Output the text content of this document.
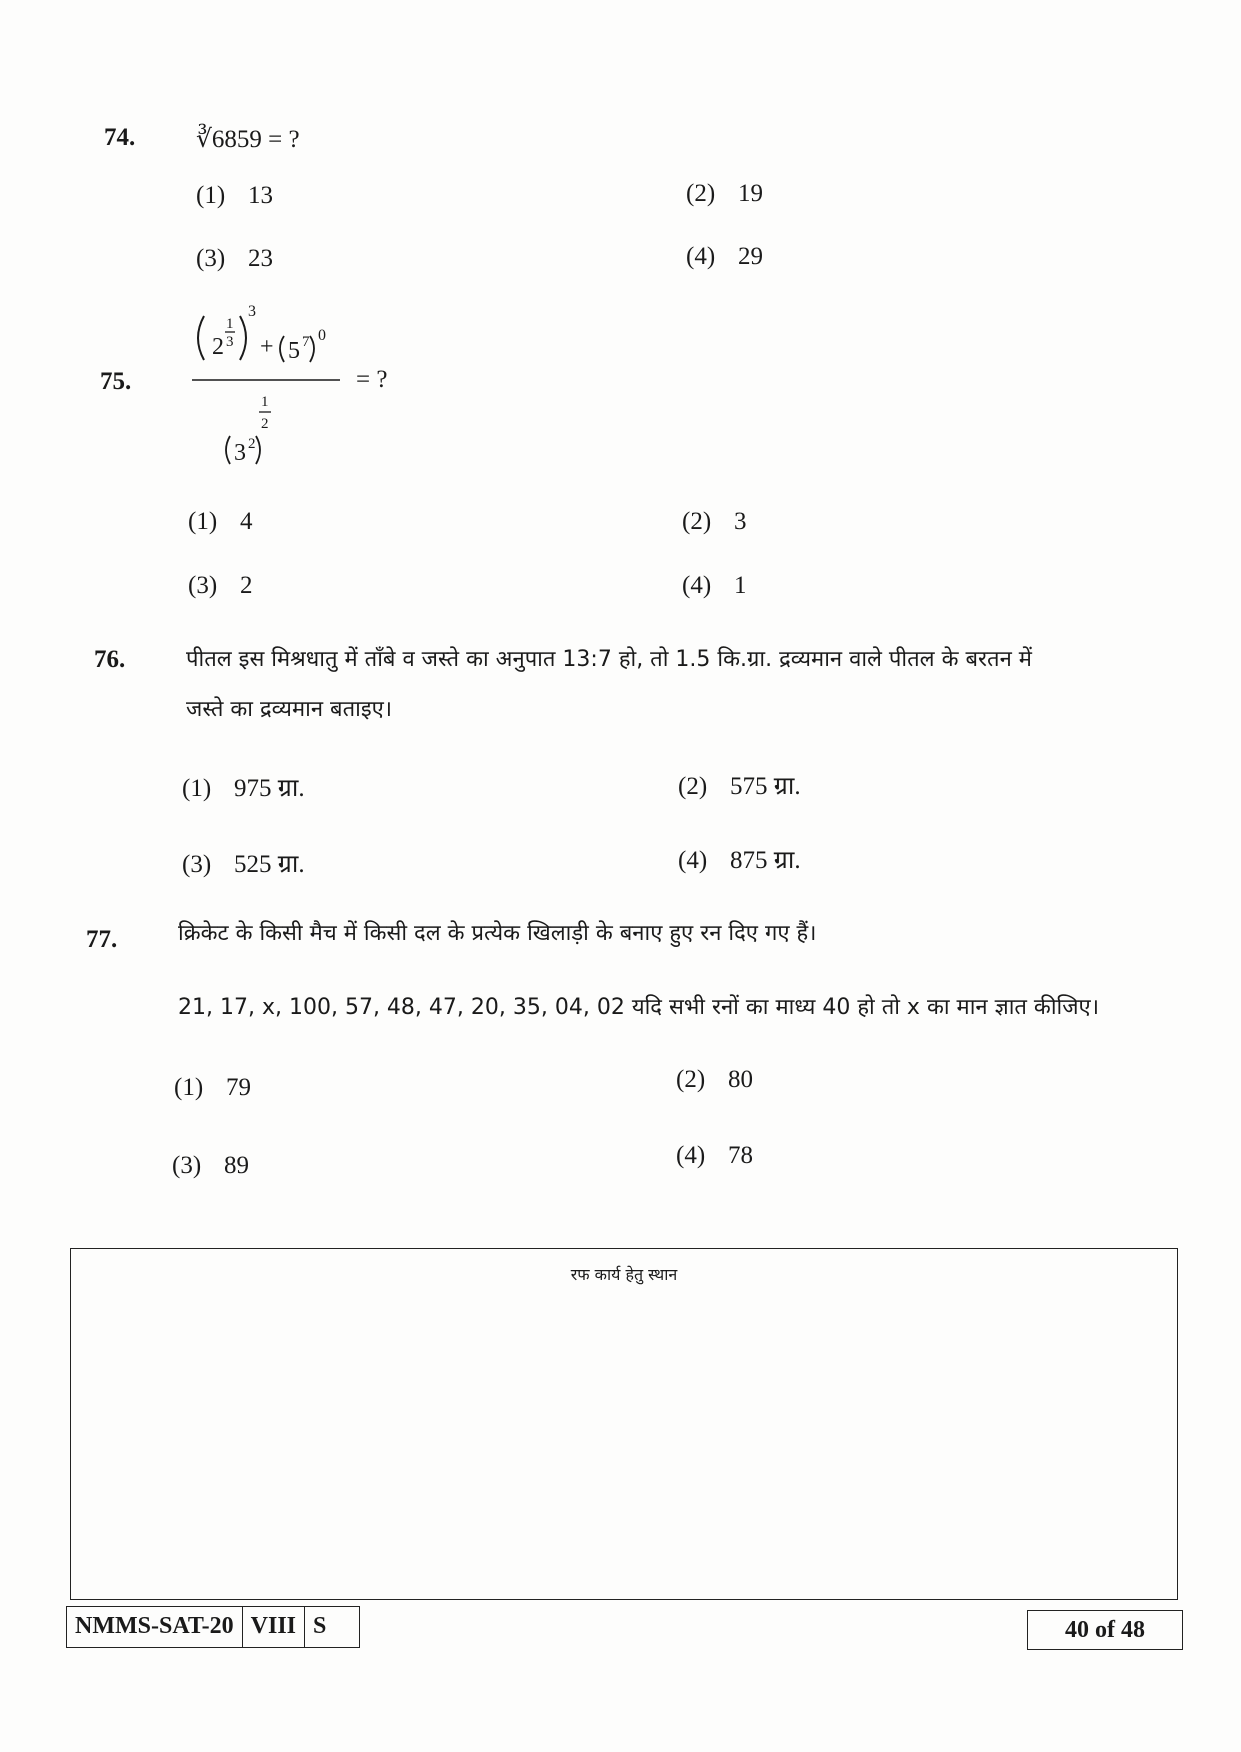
74. ∛6859 = ?
(1) 13	(2) 19
(3) 23	(4) 29
75.
2
1
3
3
+ 5 7 0
3 2
1
2
= ?
(1) 4	(2) 3
(3) 2	(4) 1
76.	पीतल इस मिश्रधातु में ताँबे व जस्ते का अनुपात 13:7 हो, तो 1.5 कि.ग्रा. द्रव्यमान वाले पीतल के बरतन में
जस्ते का द्रव्यमान बताइए।
(1) 975 ग्रा.	(2) 575 ग्रा.
(3) 525 ग्रा.	(4) 875 ग्रा.
77.	क्रिकेट के किसी मैच में किसी दल के प्रत्येक खिलाड़ी के बनाए हुए रन दिए गए हैं।
21, 17, x, 100, 57, 48, 47, 20, 35, 04, 02 यदि सभी रनों का माध्य 40 हो तो x का मान ज्ञात कीजिए।
(1) 79	(2) 80
(3) 89	(4) 78
रफ कार्य हेतु स्थान
NMMS-SAT-20 VIII S	40 of 48
